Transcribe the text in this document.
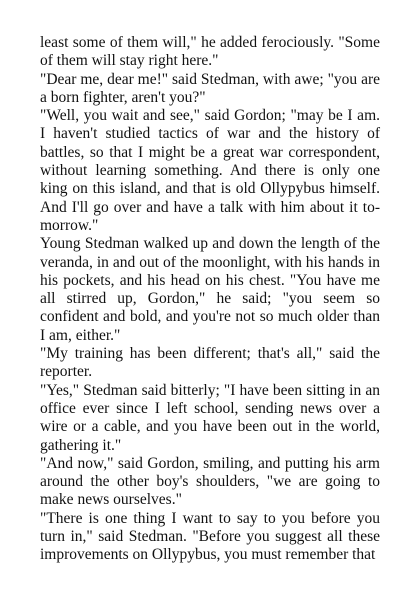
least some of them will," he added ferociously. "Some of them will stay right here."

"Dear me, dear me!" said Stedman, with awe; "you are a born fighter, aren't you?"

"Well, you wait and see," said Gordon; "may be I am. I haven't studied tactics of war and the history of battles, so that I might be a great war correspondent, without learning something. And there is only one king on this island, and that is old Ollypybus himself. And I'll go over and have a talk with him about it to-morrow."

Young Stedman walked up and down the length of the veranda, in and out of the moonlight, with his hands in his pockets, and his head on his chest. "You have me all stirred up, Gordon," he said; "you seem so confident and bold, and you're not so much older than I am, either."

"My training has been different; that's all," said the reporter.

"Yes," Stedman said bitterly; "I have been sitting in an office ever since I left school, sending news over a wire or a cable, and you have been out in the world, gathering it."

"And now," said Gordon, smiling, and putting his arm around the other boy's shoulders, "we are going to make news ourselves."

"There is one thing I want to say to you before you turn in," said Stedman. "Before you suggest all these improvements on Ollypybus, you must remember that
